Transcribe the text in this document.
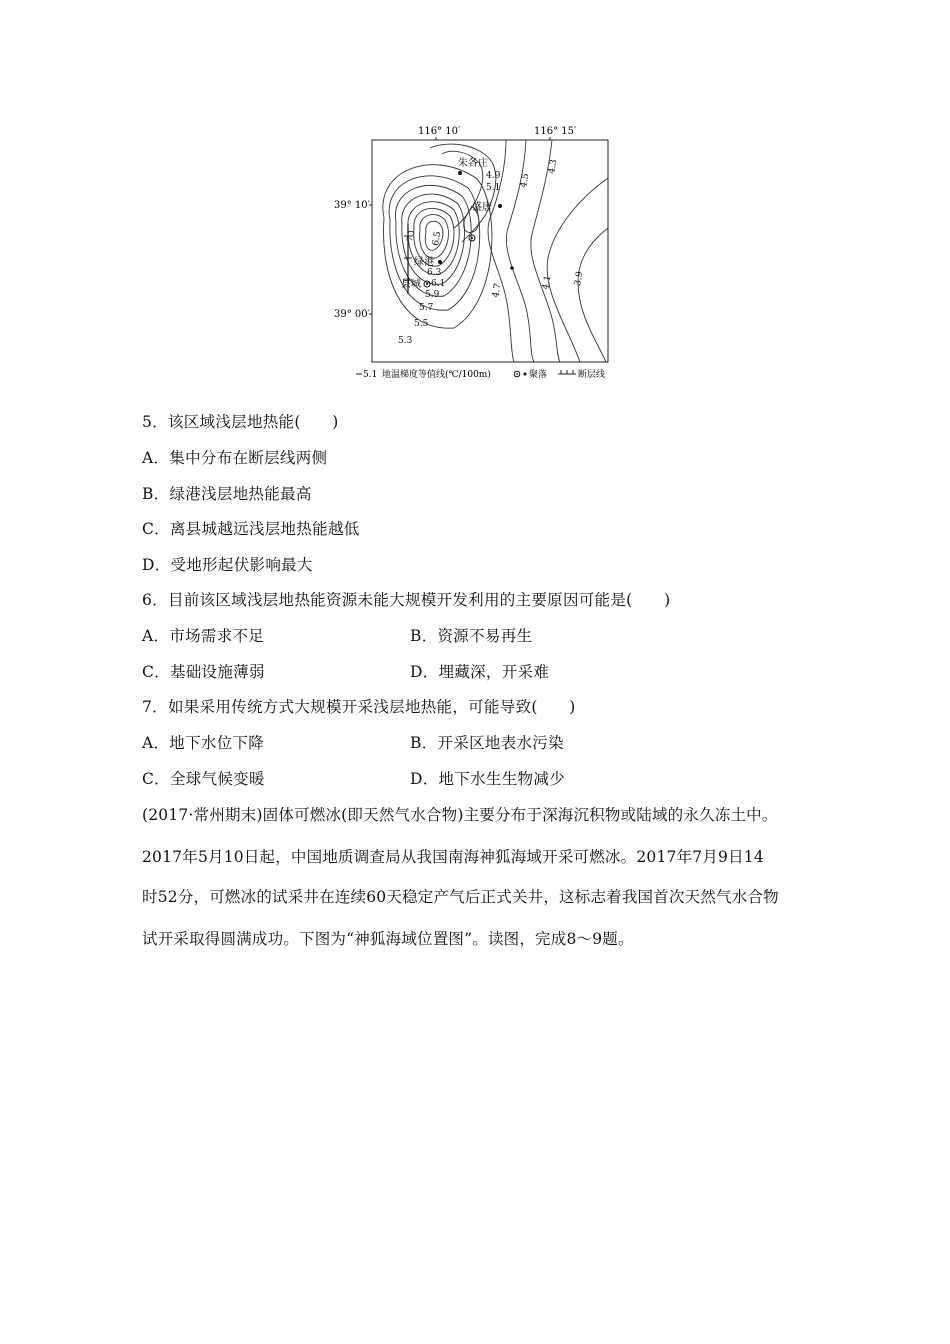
116° 10′	116° 15′
39° 10′
39° 00′
4.9
5.1 4.5
4.3
6.5
6.3
6.1
5.9
5.7
5.5
5.3
4.7
4.1 3.9
7.1
朱各庄
盛唐
绿港
县城
5.1 地温梯度等值线(℃/100m)	聚落	断层线
5．该区域浅层地热能(　　)
A．集中分布在断层线两侧
B．绿港浅层地热能最高
C．离县城越远浅层地热能越低
D．受地形起伏影响最大
6．目前该区域浅层地热能资源未能大规模开发利用的主要原因可能是(　　)
A．市场需求不足	B．资源不易再生
C．基础设施薄弱	D．埋藏深，开采难
7．如果采用传统方式大规模开采浅层地热能，可能导致(　　)
A．地下水位下降	B．开采区地表水污染
C．全球气候变暖	D．地下水生生物减少
(2017·常州期末)固体可燃冰(即天然气水合物)主要分布于深海沉积物或陆域的永久冻土中。
2017年5月10日起，中国地质调查局从我国南海神狐海域开采可燃冰。2017年7月9日14
时52分，可燃冰的试采井在连续60天稳定产气后正式关井，这标志着我国首次天然气水合物
试开采取得圆满成功。下图为“神狐海域位置图”。读图，完成8～9题。
